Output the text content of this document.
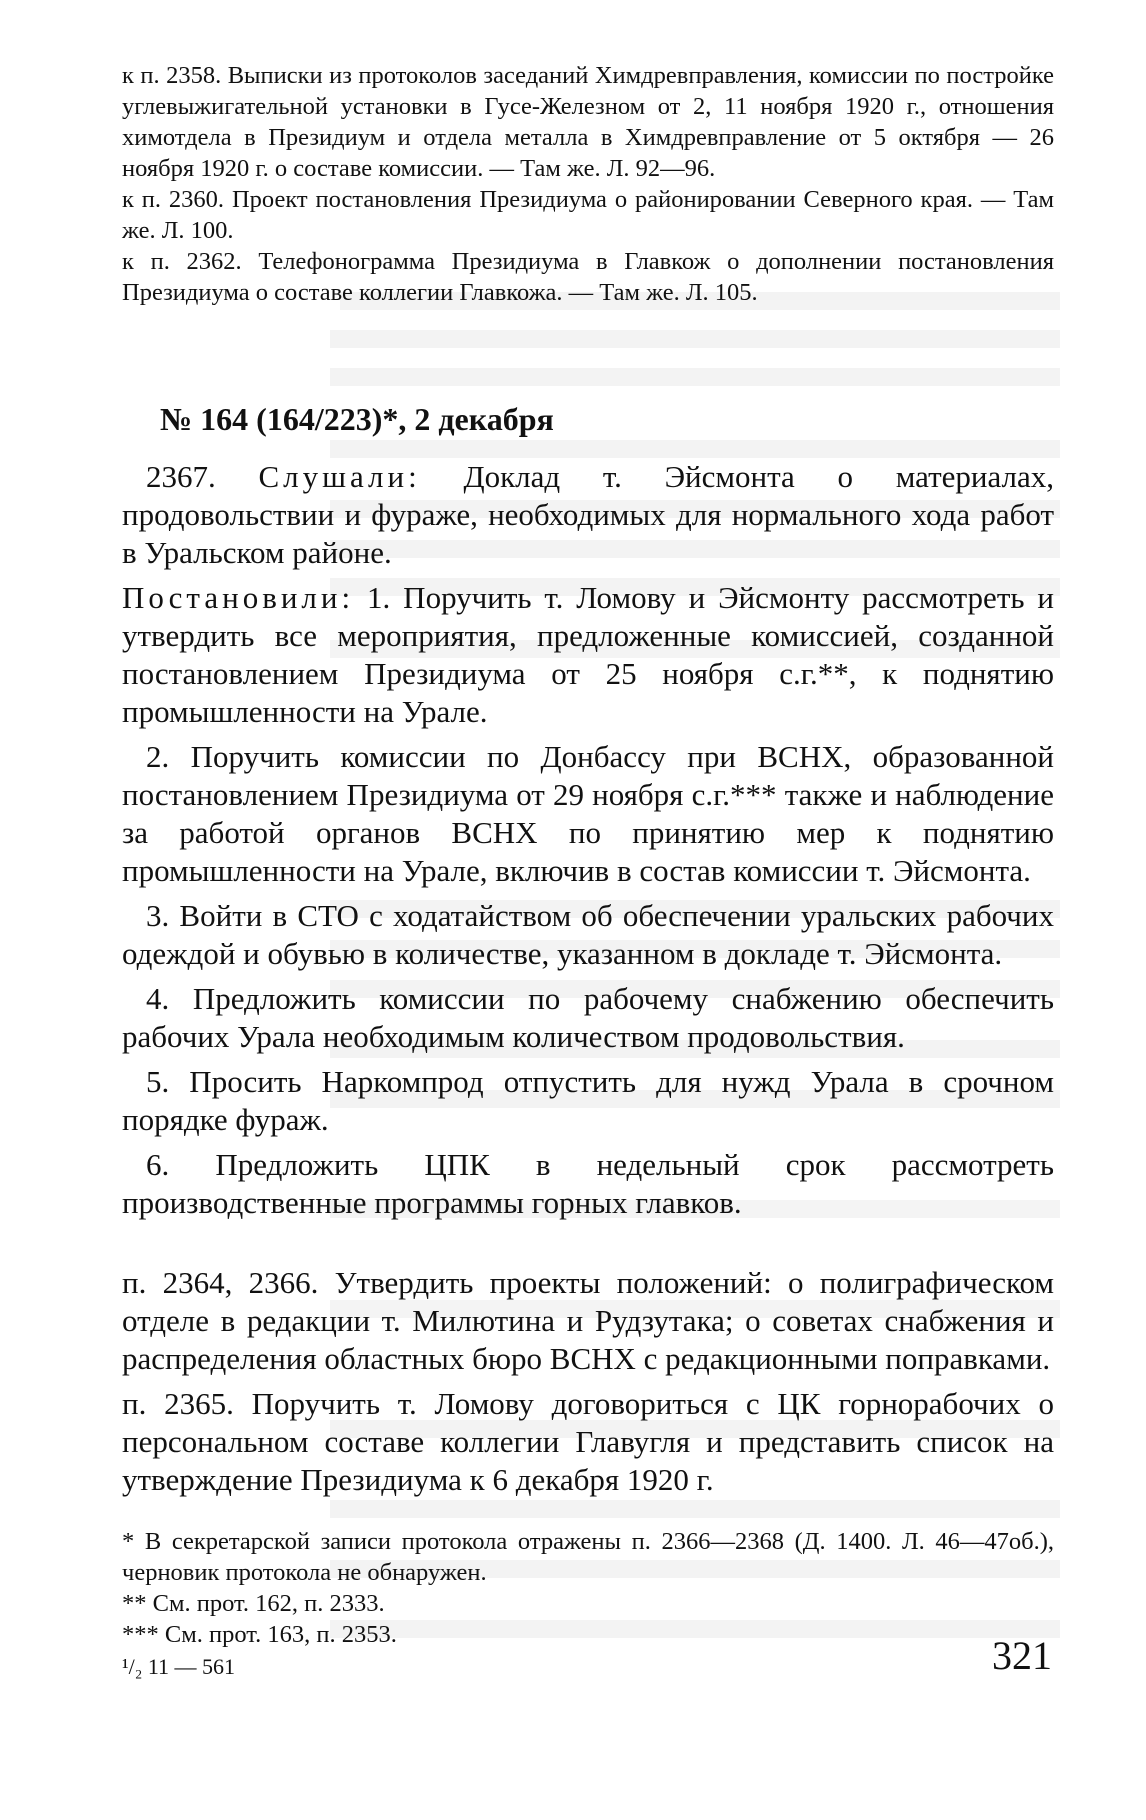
к п. 2358. Выписки из протоколов заседаний Химдревправления, комиссии по постройке углевыжигательной установки в Гусе-Железном от 2, 11 ноября 1920 г., отношения химотдела в Президиум и отдела металла в Химдревправление от 5 октября — 26 ноября 1920 г. о составе комиссии. — Там же. Л. 92—96.

к п. 2360. Проект постановления Президиума о районировании Северного края. — Там же. Л. 100.

к п. 2362. Телефонограмма Президиума в Главкож о дополнении постановления Президиума о составе коллегии Главкожа. — Там же. Л. 105.

№ 164 (164/223)*, 2 декабря

2367. Слушали: Доклад т. Эйсмонта о материалах, продовольствии и фураже, необходимых для нормального хода работ в Уральском районе.

Постановили: 1. Поручить т. Ломову и Эйсмонту рассмотреть и утвердить все мероприятия, предложенные комиссией, созданной постановлением Президиума от 25 ноября с.г.**, к поднятию промышленности на Урале.

2. Поручить комиссии по Донбассу при ВСНХ, образованной постановлением Президиума от 29 ноября с.г.*** также и наблюдение за работой органов ВСНХ по принятию мер к поднятию промышленности на Урале, включив в состав комиссии т. Эйсмонта.

3. Войти в СТО с ходатайством об обеспечении уральских рабочих одеждой и обувью в количестве, указанном в докладе т. Эйсмонта.

4. Предложить комиссии по рабочему снабжению обеспечить рабочих Урала необходимым количеством продовольствия.

5. Просить Наркомпрод отпустить для нужд Урала в срочном порядке фураж.

6. Предложить ЦПК в недельный срок рассмотреть производственные программы горных главков.

п. 2364, 2366. Утвердить проекты положений: о полиграфическом отделе в редакции т. Милютина и Рудзутака; о советах снабжения и распределения областных бюро ВСНХ с редакционными поправками.

п. 2365. Поручить т. Ломову договориться с ЦК горнорабочих о персональном составе коллегии Главугля и представить список на утверждение Президиума к 6 декабря 1920 г.

* В секретарской записи протокола отражены п. 2366—2368 (Д. 1400. Л. 46—47об.), черновик протокола не обнаружен.

** См. прот. 162, п. 2333.

*** См. прот. 163, п. 2353.

¹/₂ 11 — 561	321
